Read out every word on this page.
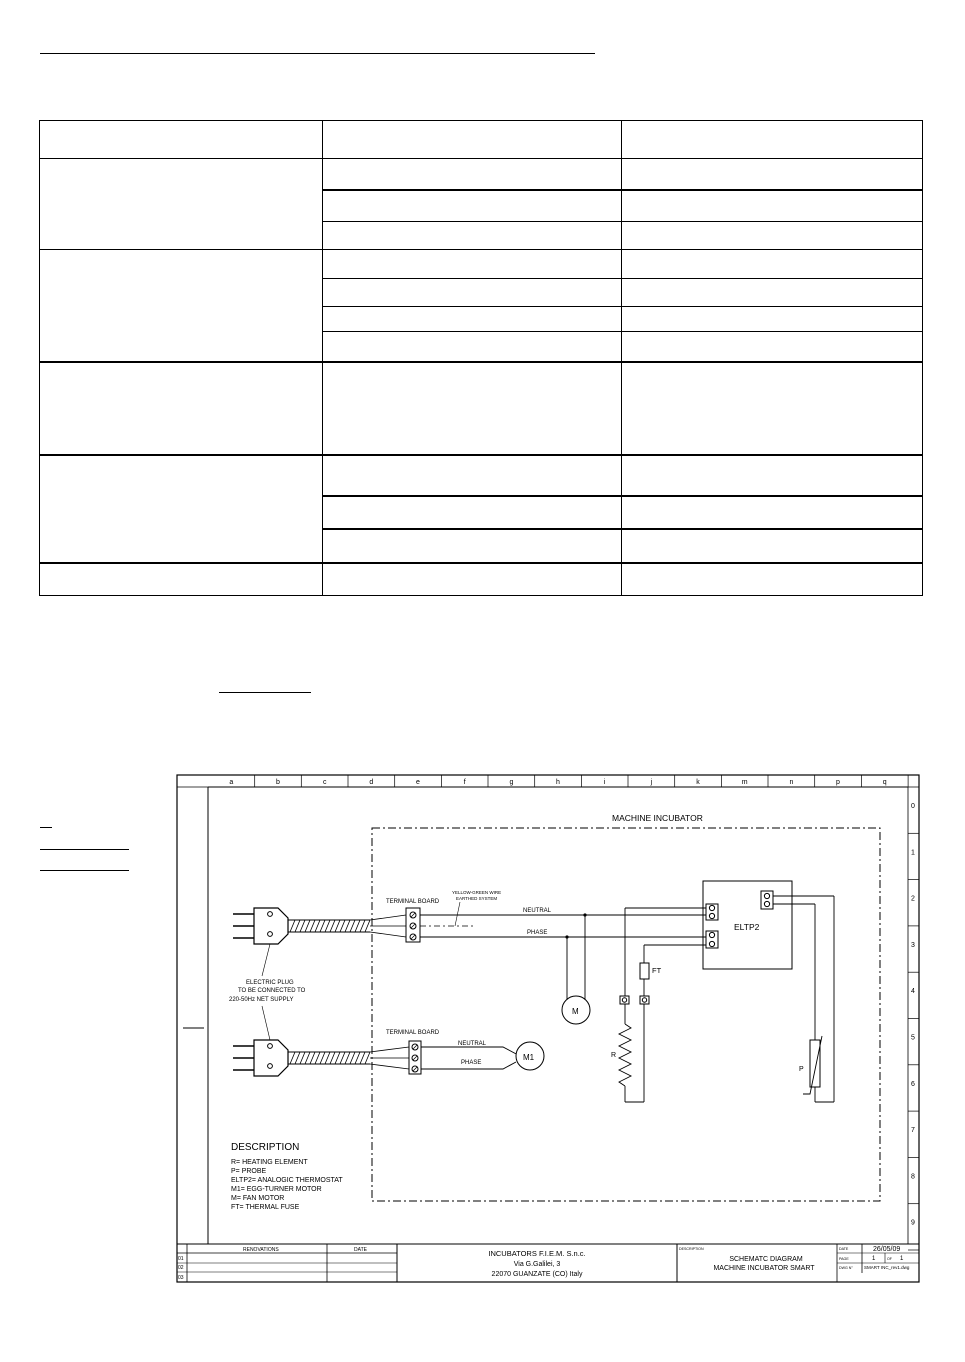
a	b	c	d	e	f	g	h	i	j	k	m	n	p	q
0
1
2
3
4
5
6
7
8
9
MACHINE INCUBATOR
TERMINAL BOARD
YELLOW-GREEN WIRE
EARTHED SYSTEM
NEUTRAL
PHASE
M
ELTP2
R
FT
P
ELECTRIC PLUG
TO BE CONNECTED TO
220-50Hz NET SUPPLY
TERMINAL BOARD
NEUTRAL
PHASE
M1
DESCRIPTION
R= HEATING ELEMENT
P= PROBE
ELTP2= ANALOGIC THERMOSTAT
M1= EGG-TURNER MOTOR
M= FAN MOTOR
FT= THERMAL FUSE
RENOVATIONS	DATE
01
02
03
INCUBATORS F.I.E.M. S.n.c.
Via G.Galilei, 3
22070 GUANZATE (CO) Italy
DESCRIPTION
SCHEMATC DIAGRAM
MACHINE INCUBATOR SMART
DATE	26/05/09
PAGE	1	OF 1
DWG N° SMART INC_rev1.dwg
